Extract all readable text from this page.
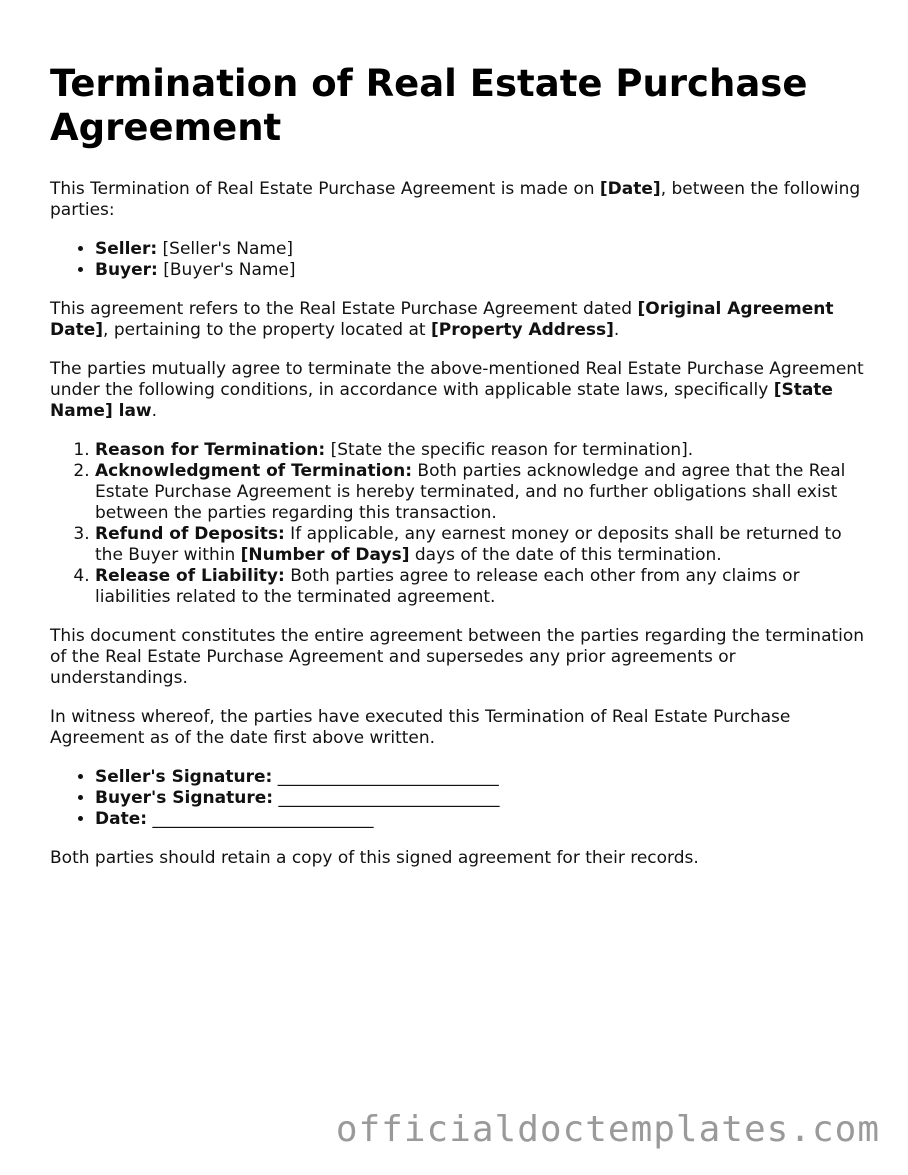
Termination of Real Estate Purchase Agreement

This Termination of Real Estate Purchase Agreement is made on [Date], between the following parties:

• Seller: [Seller's Name]
• Buyer: [Buyer's Name]

This agreement refers to the Real Estate Purchase Agreement dated [Original Agreement Date], pertaining to the property located at [Property Address].

The parties mutually agree to terminate the above-mentioned Real Estate Purchase Agreement under the following conditions, in accordance with applicable state laws, specifically [State Name] law.

1. Reason for Termination: [State the specific reason for termination].
2. Acknowledgment of Termination: Both parties acknowledge and agree that the Real Estate Purchase Agreement is hereby terminated, and no further obligations shall exist between the parties regarding this transaction.
3. Refund of Deposits: If applicable, any earnest money or deposits shall be returned to the Buyer within [Number of Days] days of the date of this termination.
4. Release of Liability: Both parties agree to release each other from any claims or liabilities related to the terminated agreement.

This document constitutes the entire agreement between the parties regarding the termination of the Real Estate Purchase Agreement and supersedes any prior agreements or understandings.

In witness whereof, the parties have executed this Termination of Real Estate Purchase Agreement as of the date first above written.

• Seller's Signature: __________________________
• Buyer's Signature: __________________________
• Date: __________________________

Both parties should retain a copy of this signed agreement for their records.

officialdoctemplates.com
